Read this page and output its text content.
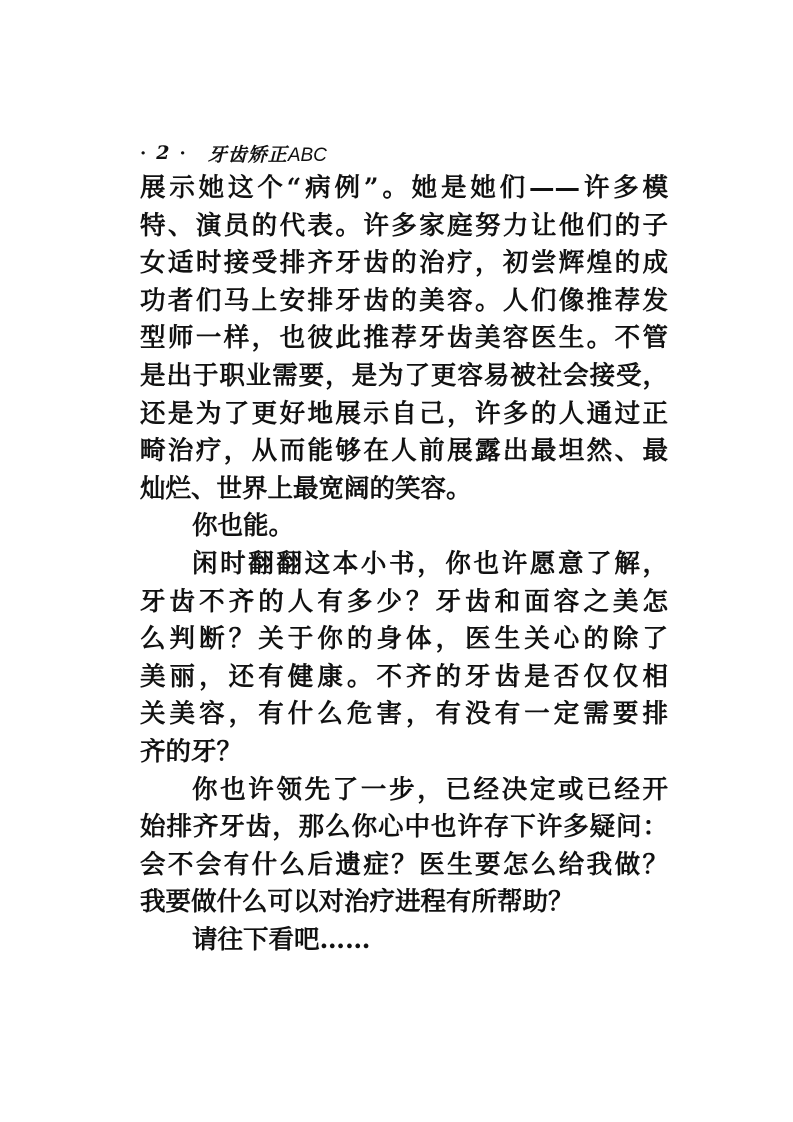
· 2 · 牙齿矫正ABC
展示她这个“病例”。她是她们——许多模
特、演员的代表。许多家庭努力让他们的子
女适时接受排齐牙齿的治疗，初尝辉煌的成
功者们马上安排牙齿的美容。人们像推荐发
型师一样，也彼此推荐牙齿美容医生。不管
是出于职业需要，是为了更容易被社会接受，
还是为了更好地展示自己，许多的人通过正
畸治疗，从而能够在人前展露出最坦然、最
灿烂、世界上最宽阔的笑容。
你也能。
闲时翻翻这本小书，你也许愿意了解，
牙齿不齐的人有多少？牙齿和面容之美怎
么判断？关于你的身体，医生关心的除了
美丽，还有健康。不齐的牙齿是否仅仅相
关美容，有什么危害，有没有一定需要排
齐的牙？
你也许领先了一步，已经决定或已经开
始排齐牙齿，那么你心中也许存下许多疑问：
会不会有什么后遗症？医生要怎么给我做？
我要做什么可以对治疗进程有所帮助？
请往下看吧……
